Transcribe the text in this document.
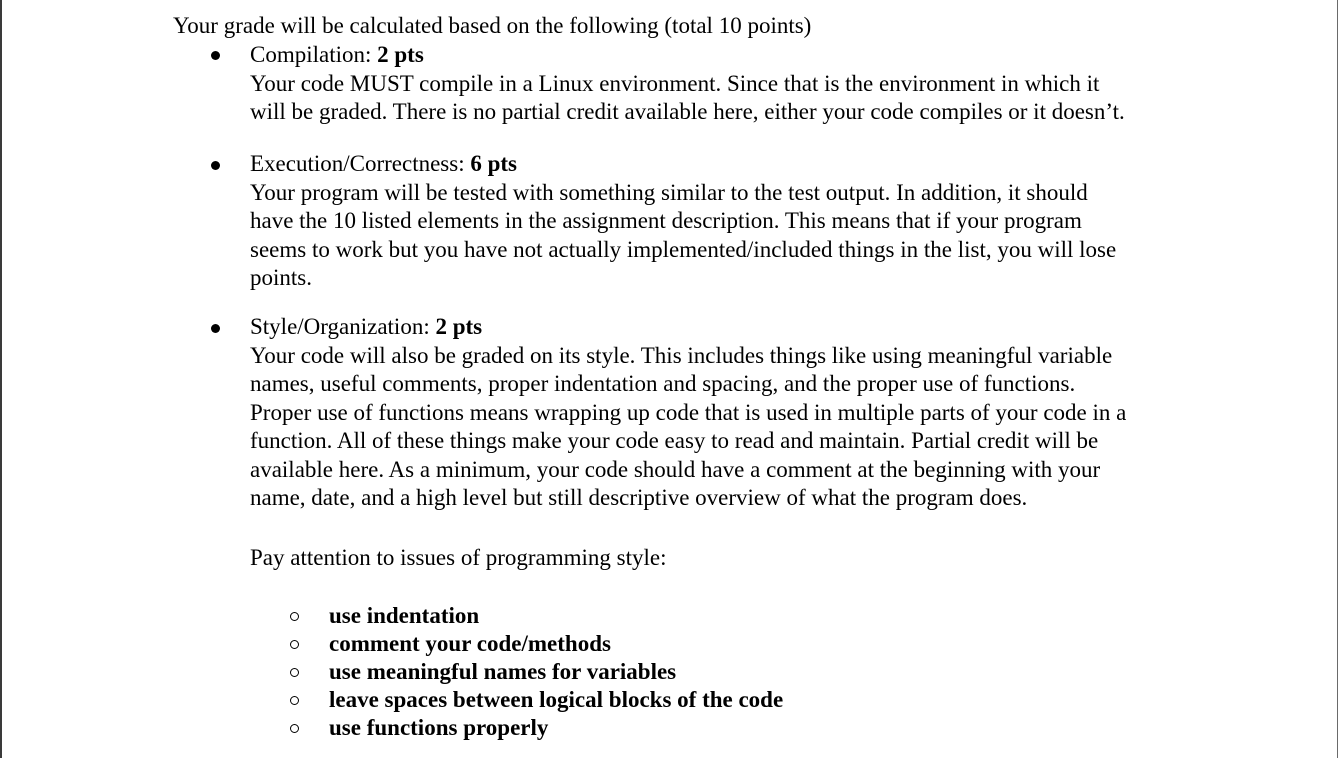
Your grade will be calculated based on the following (total 10 points)
Compilation: 2 pts
Your code MUST compile in a Linux environment. Since that is the environment in which it
will be graded. There is no partial credit available here, either your code compiles or it doesn’t.
Execution/Correctness: 6 pts
Your program will be tested with something similar to the test output. In addition, it should
have the 10 listed elements in the assignment description. This means that if your program
seems to work but you have not actually implemented/included things in the list, you will lose
points.
Style/Organization: 2 pts
Your code will also be graded on its style. This includes things like using meaningful variable
names, useful comments, proper indentation and spacing, and the proper use of functions.
Proper use of functions means wrapping up code that is used in multiple parts of your code in a
function. All of these things make your code easy to read and maintain. Partial credit will be
available here. As a minimum, your code should have a comment at the beginning with your
name, date, and a high level but still descriptive overview of what the program does.
Pay attention to issues of programming style:
use indentation
comment your code/methods
use meaningful names for variables
leave spaces between logical blocks of the code
use functions properly
